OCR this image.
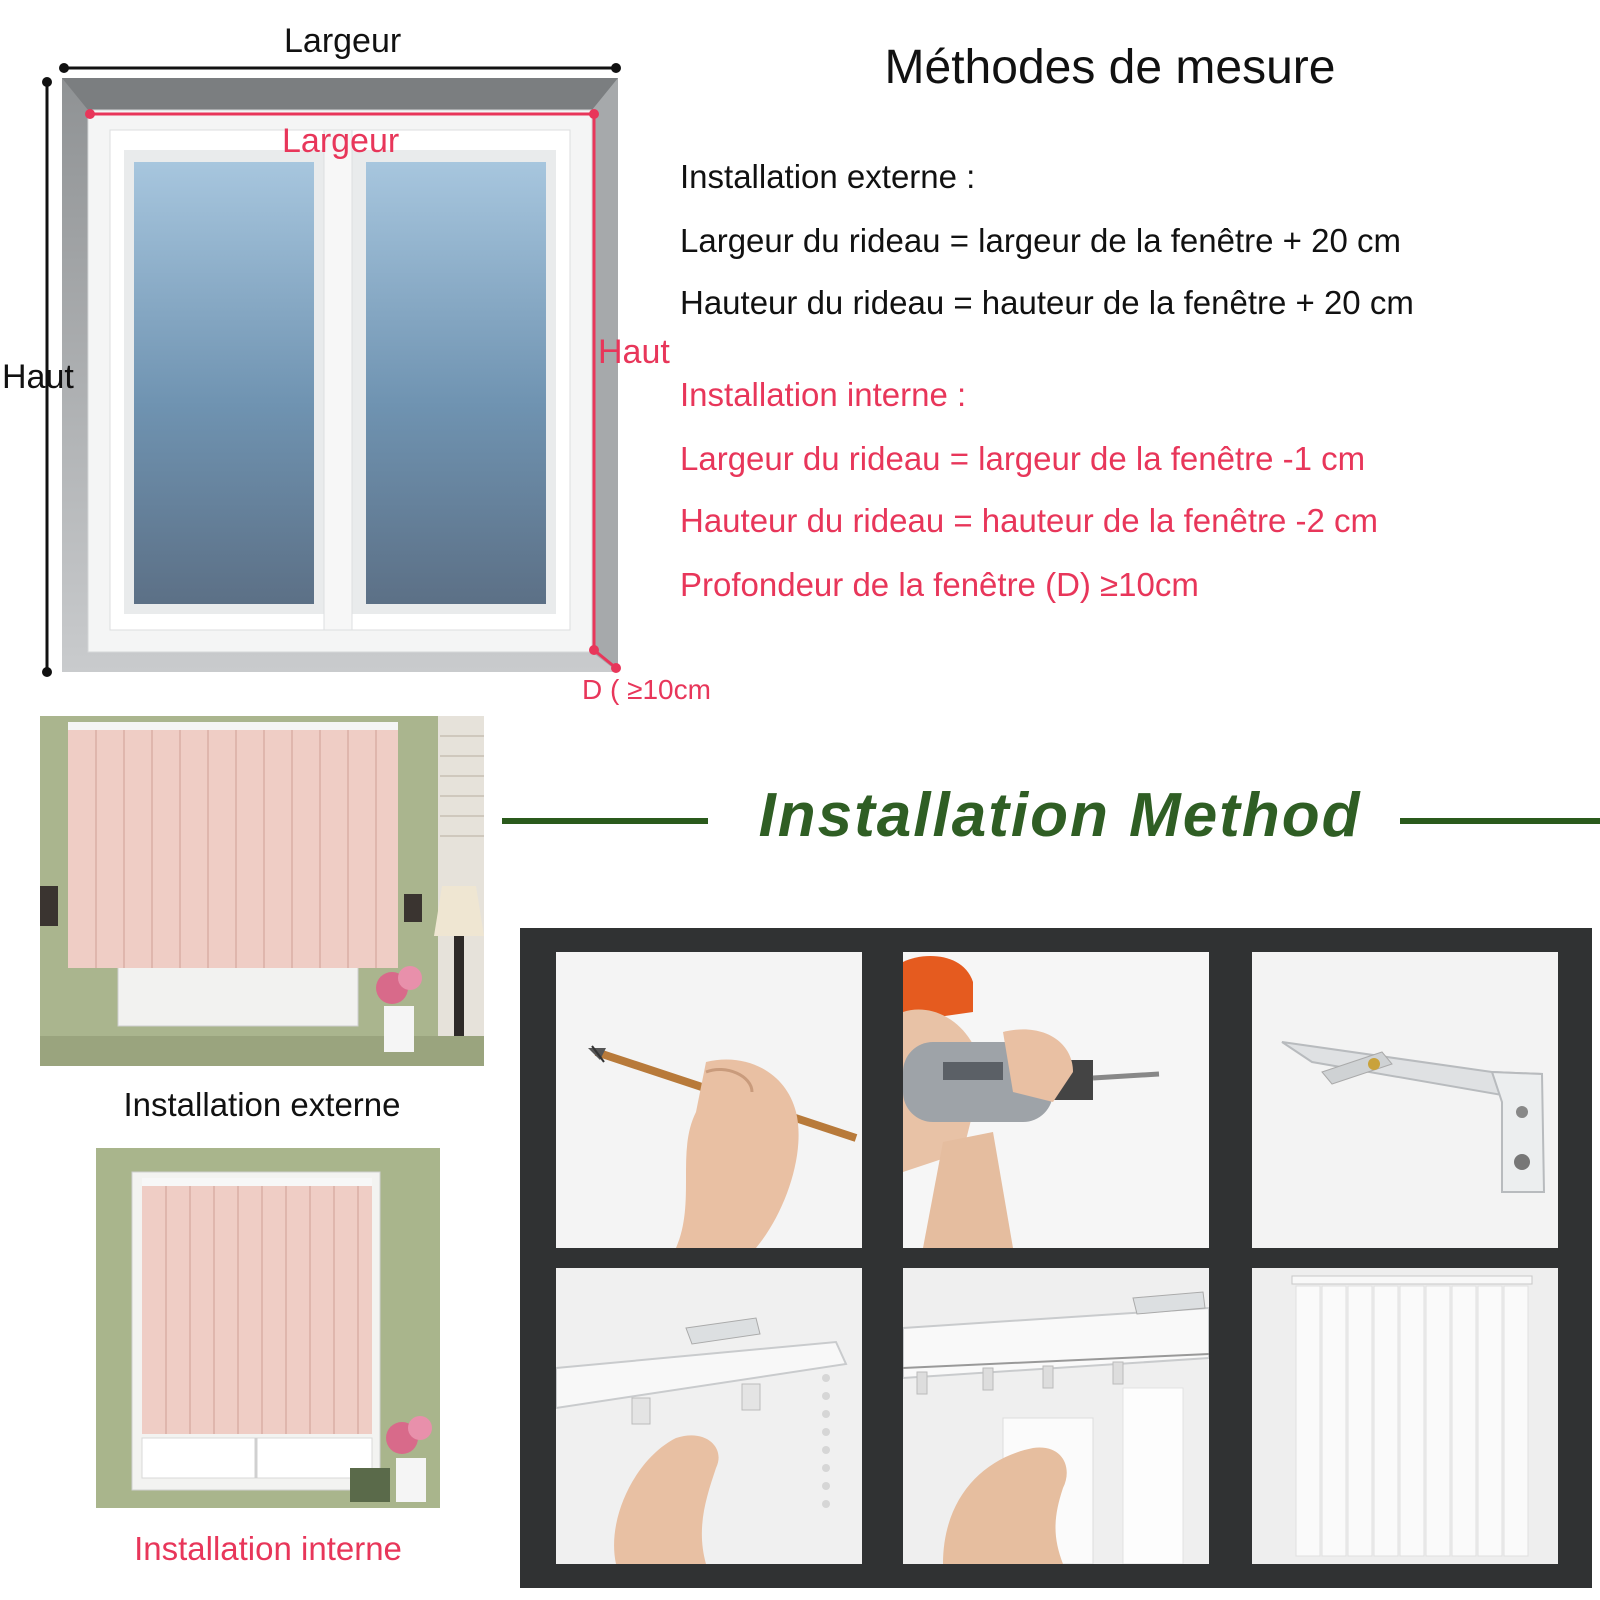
Largeur
Largeur
Haut
Haut
D ( ≥10cm
Méthodes de mesure
Installation externe :
Largeur du rideau = largeur de la fenêtre + 20 cm
Hauteur du rideau = hauteur de la fenêtre + 20 cm
Installation interne :
Largeur du rideau = largeur de la fenêtre -1 cm
Hauteur du rideau = hauteur de la fenêtre -2 cm
Profondeur de la fenêtre (D) ≥10cm
Installation Method
Installation externe
Installation interne
